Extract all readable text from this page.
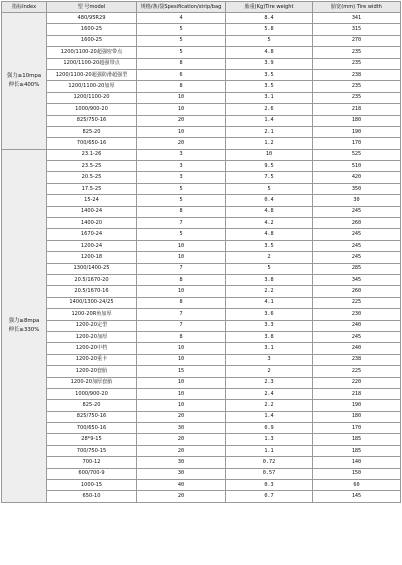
指标Index	型 号model	规格/条/袋Spesification/strip/bag	胎重(Kg)Tire weight	胎宽(mm) Tire width

强力≥10mpa
伸长≥400%	480/95R29	4	8.4	341
	1600-25	5	5.8	315
	1600-25	5	5	270
	1200/1100-20超强密带点	5	4.8	235
	1200/1100-20超强带点	8	3.9	235
	1200/1100-20超强防滑超强型	6	3.5	238
	1200/1100-20加厚	8	3.5	235
	1200/1100-20	10	3.1	235
	1000/900-20	10	2.6	218
	825/750-16	20	1.4	180
	825-20	10	2.1	190
	700/650-16	20	1.2	170

强力≥8mpa
伸长≥330%	23.1-26	3	10	525
	23.5-25	3	9.5	510
	20.5-25	3	7.5	420
	17.5-25	5	5	350
	15-24	5	0.4	30
	1400-24	8	4.8	245
	1400-20	7	4.2	260
	1670-24	5	4.8	245
	1200-24	10	3.5	245
	1200-18	10	2	245
	1300/1400-25	7	5	285
	20.5/1670-20	8	3.8	345
	20.5/1670-16	10	2.2	260
	1400/1300-24/25	8	4.1	225
	1200-20R角加厚	7	3.6	230
	1200-20定型	7	3.3	240
	1200-20加厚	8	3.8	245
	1200-20中档	10	3.1	240
	1200-20重卡	10	3	238
	1200-20套胎	15	2	225
	1200-20加厚套胎	10	2.3	220
	1000/900-20	10	2.4	218
	825-20	10	2.2	190
	825/750-16	20	1.4	180
	700/650-16	30	0.9	170
	28*9-15	20	1.3	185
	700/750-15	20	1.1	185
	700-12	30	0.72	140
	600/700-9	30	0.57	150
	1000-15	40	0.3	60
	650-10	20	0.7	145
